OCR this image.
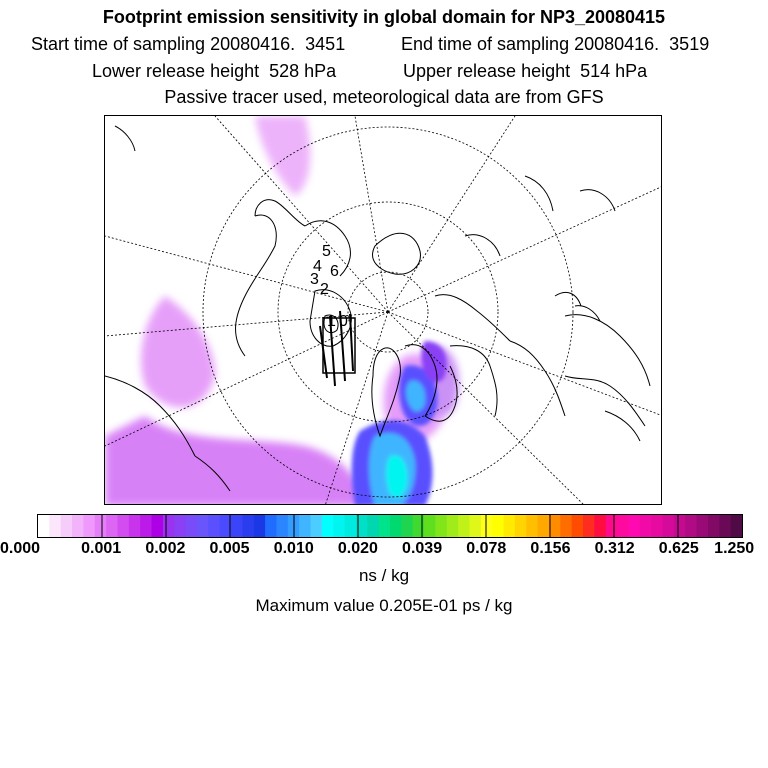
Footprint emission sensitivity in global domain for NP3_20080415
Start time of sampling 20080416.  3451	End time of sampling 20080416.  3519
Lower release height  528 hPa	Upper release height  514 hPa
Passive tracer used, meteorological data are from GFS
5
4 6
3
2
1 0
0.000	0.001 0.002 0.005 0.010 0.020 0.039 0.078 0.156 0.312 0.625 1.250
ns / kg
Maximum value 0.205E-01 ps / kg
